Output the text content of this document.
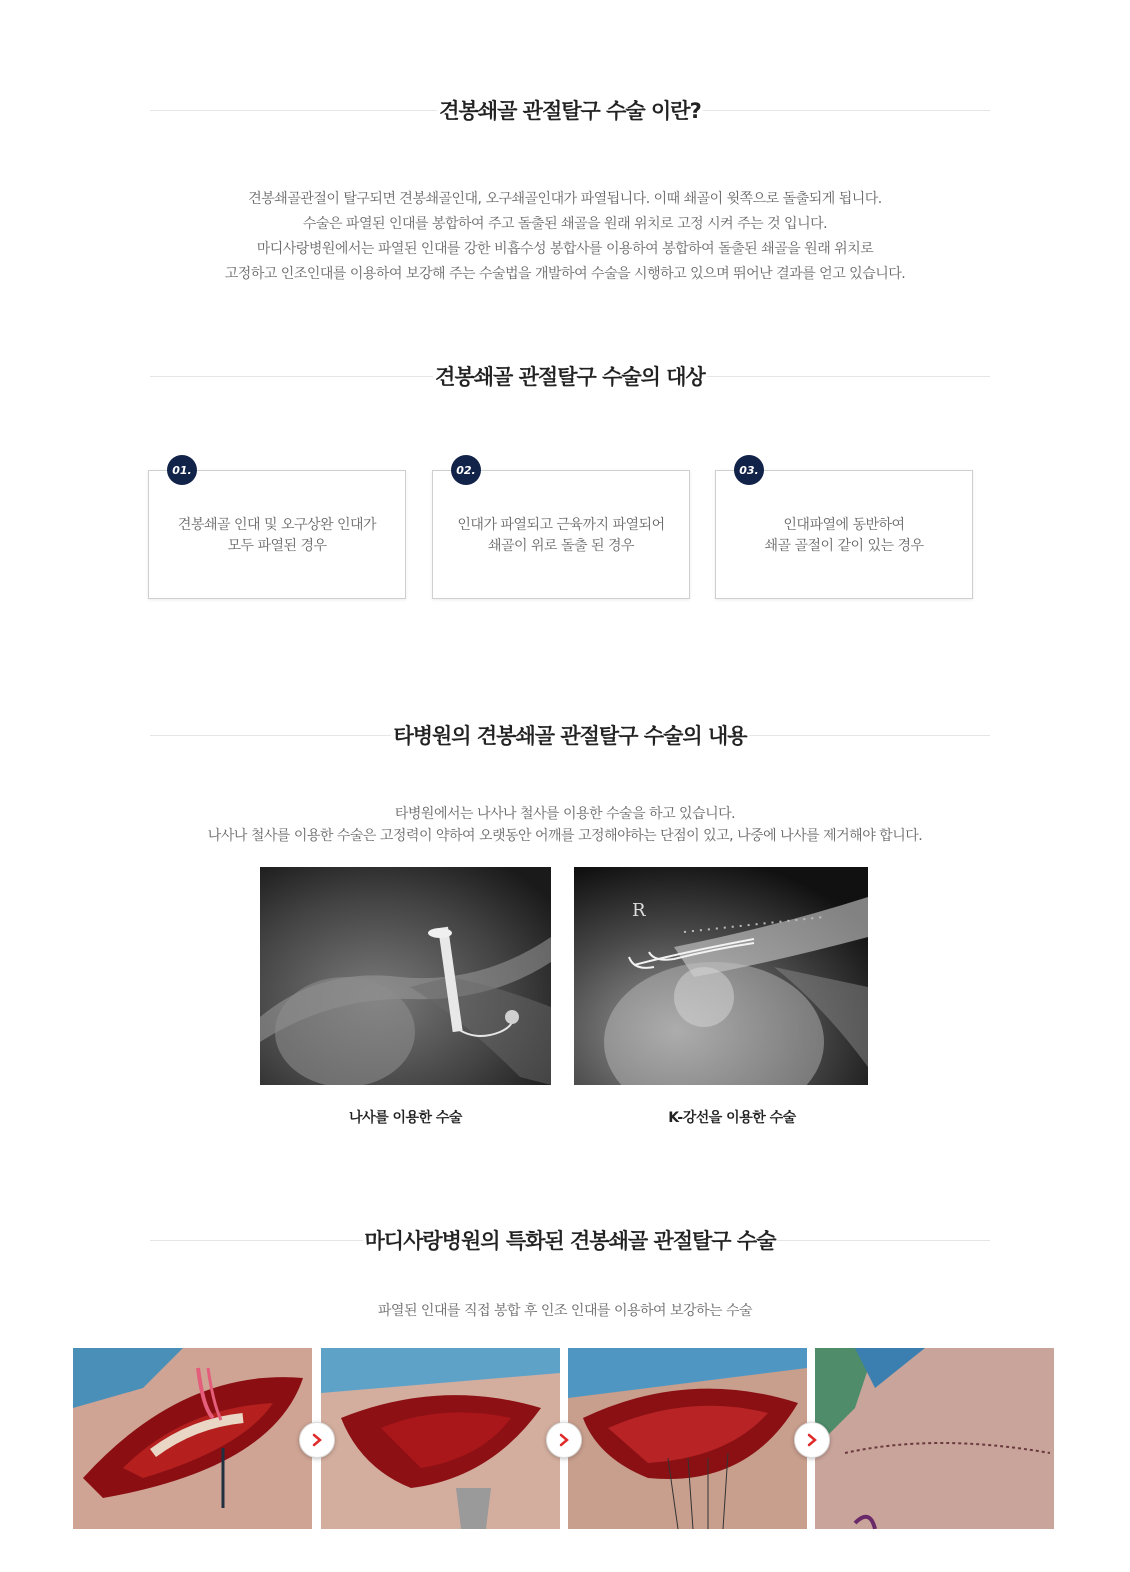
견봉쇄골 관절탈구 수술 이란?

견봉쇄골관절이 탈구되면 견봉쇄골인대, 오구쇄골인대가 파열됩니다. 이때 쇄골이 윗쪽으로 돌출되게 됩니다.

수술은 파열된 인대를 봉합하여 주고 돌출된 쇄골을 원래 위치로 고정 시켜 주는 것 입니다.

마디사랑병원에서는 파열된 인대를 강한 비흡수성 봉합사를 이용하여 봉합하여 돌출된 쇄골을 원래 위치로

고정하고 인조인대를 이용하여 보강해 주는 수술법을 개발하여 수술을 시행하고 있으며 뛰어난 결과를 얻고 있습니다.

견봉쇄골 관절탈구 수술의 대상
01.
견봉쇄골 인대 및 오구상완 인대가
모두 파열된 경우
02.
인대가 파열되고 근육까지 파열되어
쇄골이 위로 돌출 된 경우
03.
인대파열에 동반하여
쇄골 골절이 같이 있는 경우
타병원의 견봉쇄골 관절탈구 수술의 내용

타병원에서는 나사나 철사를 이용한 수술을 하고 있습니다.

나사나 철사를 이용한 수술은 고정력이 약하여 오랫동안 어깨를 고정해야하는 단점이 있고, 나중에 나사를 제거해야 합니다.

R
나사를 이용한 수술	K-강선을 이용한 수술
마디사랑병원의 특화된 견봉쇄골 관절탈구 수술
파열된 인대를 직접 봉합 후 인조 인대를 이용하여 보강하는 수술
